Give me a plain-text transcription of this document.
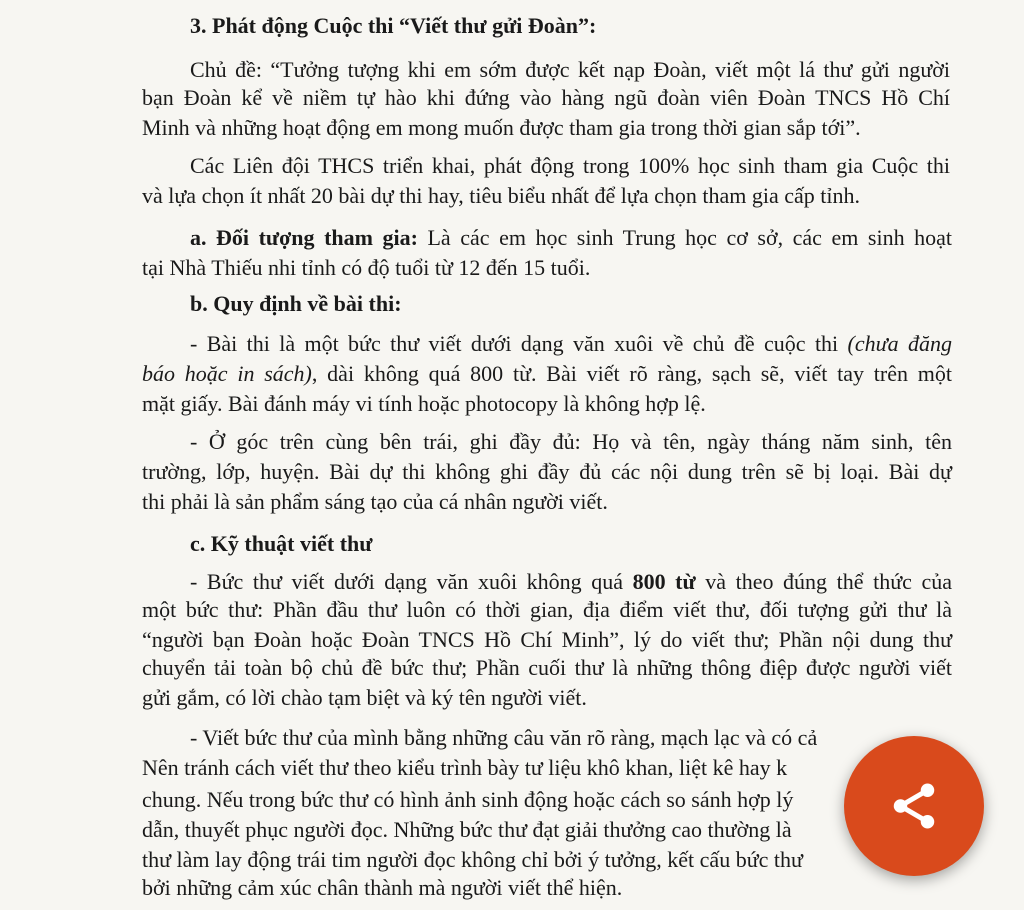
3. Phát động Cuộc thi “Viết thư gửi Đoàn”:
Chủ đề: “Tưởng tượng khi em sớm được kết nạp Đoàn, viết một lá thư gửi người
bạn Đoàn kể về niềm tự hào khi đứng vào hàng ngũ đoàn viên Đoàn TNCS Hồ Chí
Minh và những hoạt động em mong muốn được tham gia trong thời gian sắp tới”.
Các Liên đội THCS triển khai, phát động trong 100% học sinh tham gia Cuộc thi
và lựa chọn ít nhất 20 bài dự thi hay, tiêu biểu nhất để lựa chọn tham gia cấp tỉnh.
a. Đối tượng tham gia: Là các em học sinh Trung học cơ sở, các em sinh hoạt
tại Nhà Thiếu nhi tỉnh có độ tuổi từ 12 đến 15 tuổi.
b. Quy định về bài thi:
- Bài thi là một bức thư viết dưới dạng văn xuôi về chủ đề cuộc thi (chưa đăng
báo hoặc in sách), dài không quá 800 từ. Bài viết rõ ràng, sạch sẽ, viết tay trên một
mặt giấy. Bài đánh máy vi tính hoặc photocopy là không hợp lệ.
- Ở góc trên cùng bên trái, ghi đầy đủ: Họ và tên, ngày tháng năm sinh, tên
trường, lớp, huyện. Bài dự thi không ghi đầy đủ các nội dung trên sẽ bị loại. Bài dự
thi phải là sản phẩm sáng tạo của cá nhân người viết.
c. Kỹ thuật viết thư
- Bức thư viết dưới dạng văn xuôi không quá 800 từ và theo đúng thể thức của
một bức thư: Phần đầu thư luôn có thời gian, địa điểm viết thư, đối tượng gửi thư là
“người bạn Đoàn hoặc Đoàn TNCS Hồ Chí Minh”, lý do viết thư; Phần nội dung thư
chuyển tải toàn bộ chủ đề bức thư; Phần cuối thư là những thông điệp được người viết
gửi gắm, có lời chào tạm biệt và ký tên người viết.
- Viết bức thư của mình bằng những câu văn rõ ràng, mạch lạc và có cả
Nên tránh cách viết thư theo kiểu trình bày tư liệu khô khan, liệt kê hay k
chung. Nếu trong bức thư có hình ảnh sinh động hoặc cách so sánh hợp lý
dẫn, thuyết phục người đọc. Những bức thư đạt giải thưởng cao thường là
thư làm lay động trái tim người đọc không chỉ bởi ý tưởng, kết cấu bức thư
bởi những cảm xúc chân thành mà người viết thể hiện.
